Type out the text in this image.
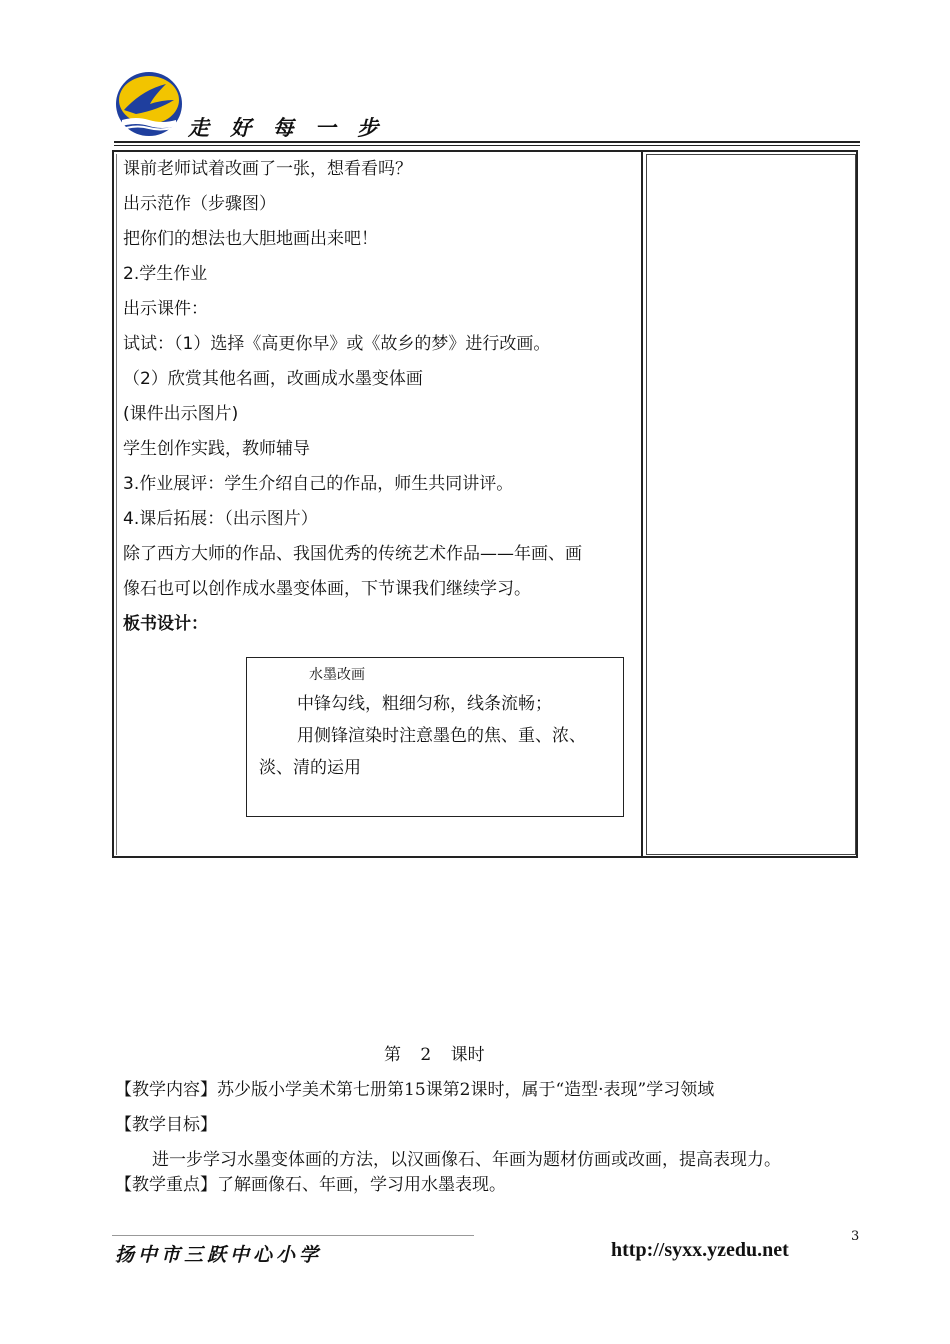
走 好 每 一 步
课前老师试着改画了一张，想看看吗？
出示范作（步骤图）
把你们的想法也大胆地画出来吧！
2.学生作业
出示课件：
试试：（1）选择《高更你早》或《故乡的梦》进行改画。
（2）欣赏其他名画，改画成水墨变体画
(课件出示图片)
学生创作实践，教师辅导
3.作业展评：学生介绍自己的作品，师生共同讲评。
4.课后拓展：（出示图片）
除了西方大师的作品、我国优秀的传统艺术作品——年画、画
像石也可以创作成水墨变体画，下节课我们继续学习。
板书设计：
水墨改画
中锋勾线，粗细匀称，线条流畅；
用侧锋渲染时注意墨色的焦、重、浓、
淡、清的运用
第 2 课时
【教学内容】苏少版小学美术第七册第15课第2课时，属于“造型·表现”学习领域
【教学目标】
进一步学习水墨变体画的方法，以汉画像石、年画为题材仿画或改画，提高表现力。
【教学重点】了解画像石、年画，学习用水墨表现。
3
扬中市三跃中心小学	http://syxx.yzedu.net
